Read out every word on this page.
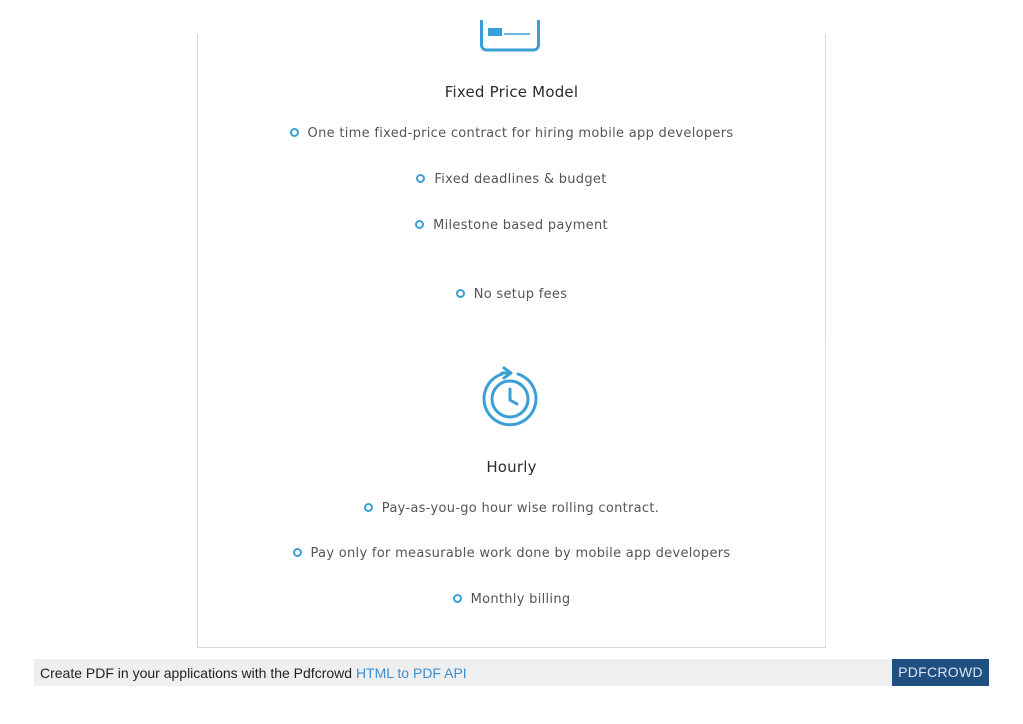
Fixed Price Model
One time fixed-price contract for hiring mobile app developers
Fixed deadlines & budget
Milestone based payment
No setup fees
Hourly
Pay-as-you-go hour wise rolling contract.
Pay only for measurable work done by mobile app developers
Monthly billing
Create PDF in your applications with the Pdfcrowd HTML to PDF API	PDFCROWD
